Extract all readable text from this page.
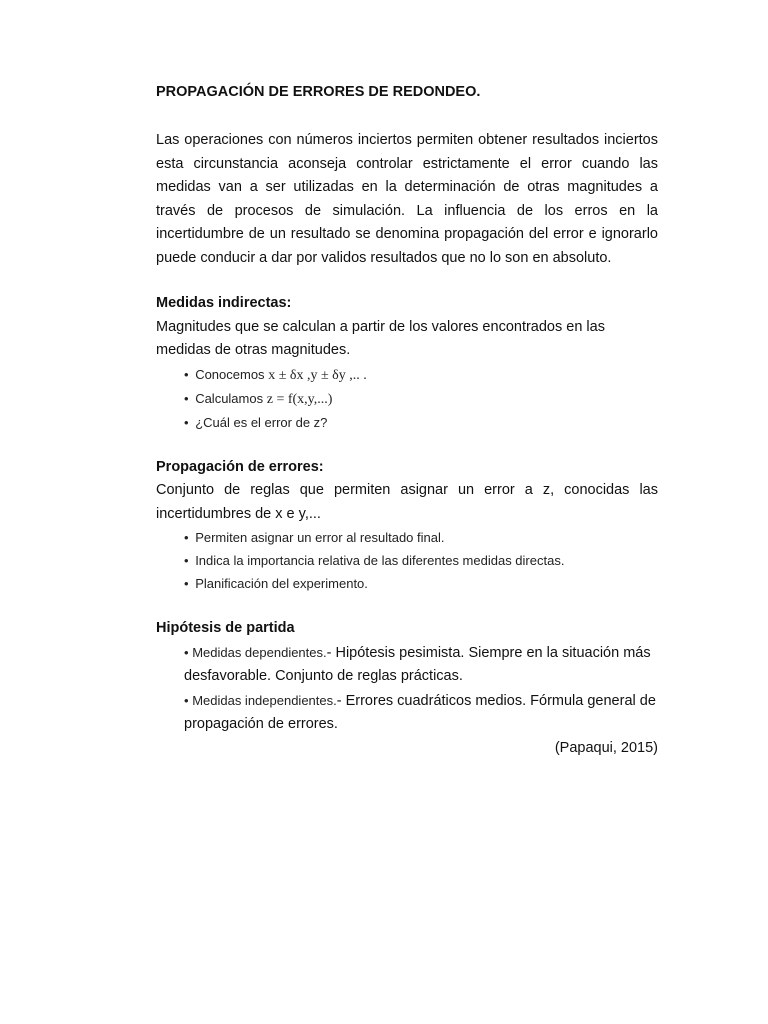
PROPAGACIÓN DE ERRORES DE REDONDEO.

Las operaciones con números inciertos permiten obtener resultados inciertos esta circunstancia aconseja controlar estrictamente el error cuando las medidas van a ser utilizadas en la determinación de otras magnitudes a través de procesos de simulación. La influencia de los erros en la incertidumbre de un resultado se denomina propagación del error e ignorarlo puede conducir a dar por validos resultados que no lo son en absoluto.

Medidas indirectas:

Magnitudes que se calculan a partir de los valores encontrados en las medidas de otras magnitudes.

• Conocemos x ± δx ,y ± δy ,.. .
• Calculamos z = f(x,y,...)
• ¿Cuál es el error de z?
Propagación de errores:

Conjunto de reglas que permiten asignar un error a z, conocidas las incertidumbres de x e y,...

• Permiten asignar un error al resultado final.
• Indica la importancia relativa de las diferentes medidas directas.
• Planificación del experimento.
Hipótesis de partida
• Medidas dependientes.- Hipótesis pesimista. Siempre en la situación más desfavorable. Conjunto de reglas prácticas.
• Medidas independientes.- Errores cuadráticos medios. Fórmula general de propagación de errores.
(Papaqui, 2015)
